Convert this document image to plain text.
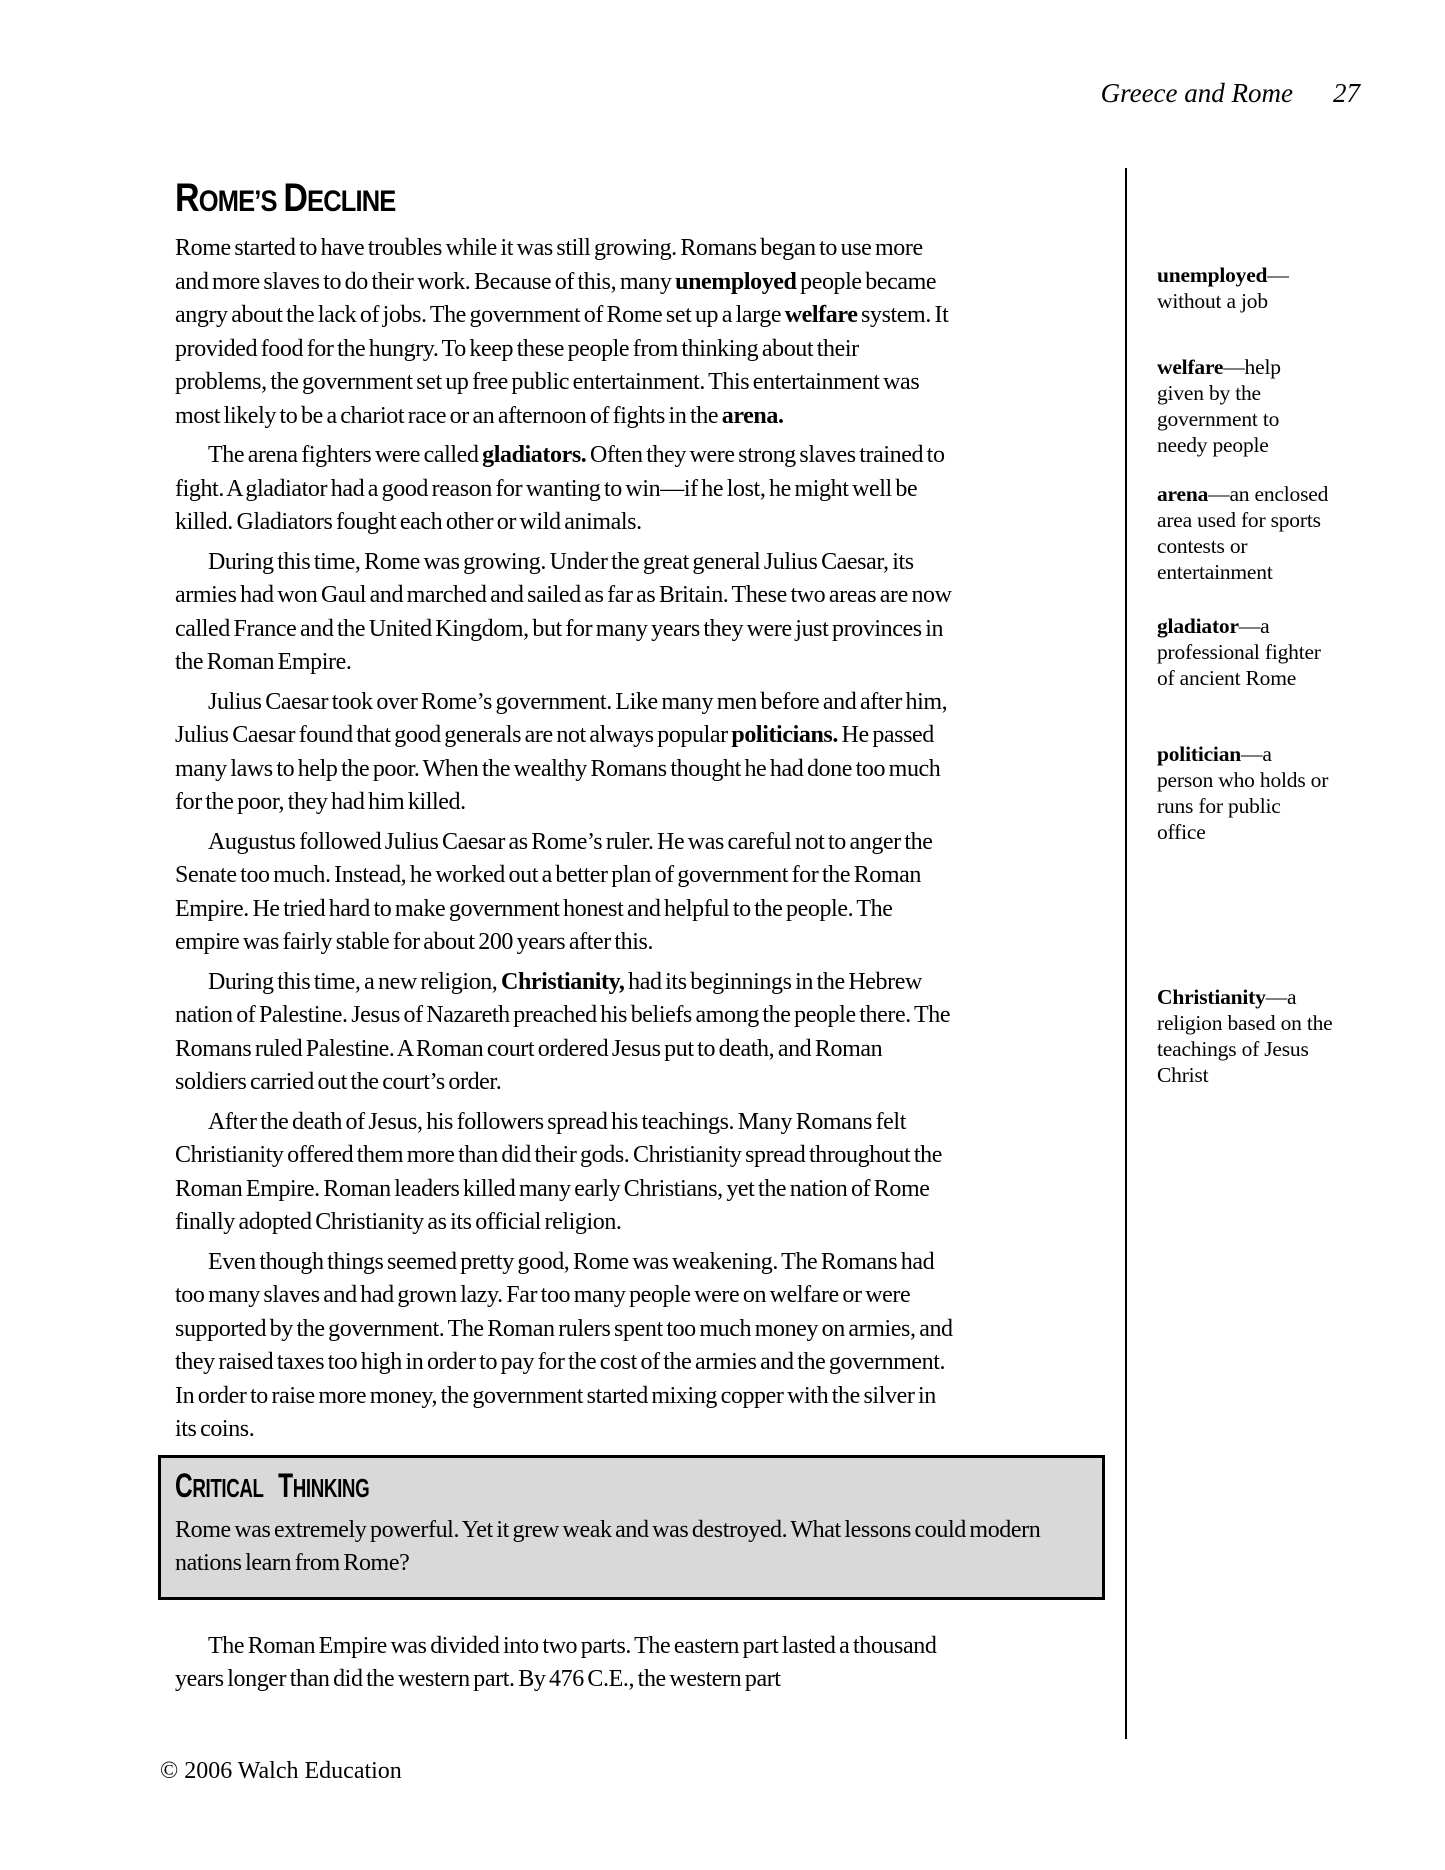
Greece and Rome 27
ROME’S DECLINE

Rome started to have troubles while it was still growing. Romans began to use more and more slaves to do their work. Because of this, many unemployed people became angry about the lack of jobs. The government of Rome set up a large welfare system. It provided food for the hungry. To keep these people from thinking about their problems, the government set up free public entertainment. This entertainment was most likely to be a chariot race or an afternoon of fights in the arena.

The arena fighters were called gladiators. Often they were strong slaves trained to fight. A gladiator had a good reason for wanting to win—if he lost, he might well be killed. Gladiators fought each other or wild animals.

During this time, Rome was growing. Under the great general Julius Caesar, its armies had won Gaul and marched and sailed as far as Britain. These two areas are now called France and the United Kingdom, but for many years they were just provinces in the Roman Empire.

Julius Caesar took over Rome’s government. Like many men before and after him, Julius Caesar found that good generals are not always popular politicians. He passed many laws to help the poor. When the wealthy Romans thought he had done too much for the poor, they had him killed.

Augustus followed Julius Caesar as Rome’s ruler. He was careful not to anger the Senate too much. Instead, he worked out a better plan of government for the Roman Empire. He tried hard to make government honest and helpful to the people. The empire was fairly stable for about 200 years after this.

During this time, a new religion, Christianity, had its beginnings in the Hebrew nation of Palestine. Jesus of Nazareth preached his beliefs among the people there. The Romans ruled Palestine. A Roman court ordered Jesus put to death, and Roman soldiers carried out the court’s order.

After the death of Jesus, his followers spread his teachings. Many Romans felt Christianity offered them more than did their gods. Christianity spread throughout the Roman Empire. Roman leaders killed many early Christians, yet the nation of Rome finally adopted Christianity as its official religion.

Even though things seemed pretty good, Rome was weakening. The Romans had too many slaves and had grown lazy. Far too many people were on welfare or were supported by the government. The Roman rulers spent too much money on armies, and they raised taxes too high in order to pay for the cost of the armies and the government. In order to raise more money, the government started mixing copper with the silver in its coins.

CRITICAL THINKING

Rome was extremely powerful. Yet it grew weak and was destroyed. What lessons could modern nations learn from Rome?

The Roman Empire was divided into two parts. The eastern part lasted a thousand years longer than did the western part. By 476 C.E., the western part

unemployed—without a job

welfare—help given by the government to needy people

arena—an enclosed area used for sports contests or entertainment

gladiator—a professional fighter of ancient Rome

politician—a person who holds or runs for public office

Christianity—a religion based on the teachings of Jesus Christ

© 2006 Walch Education
